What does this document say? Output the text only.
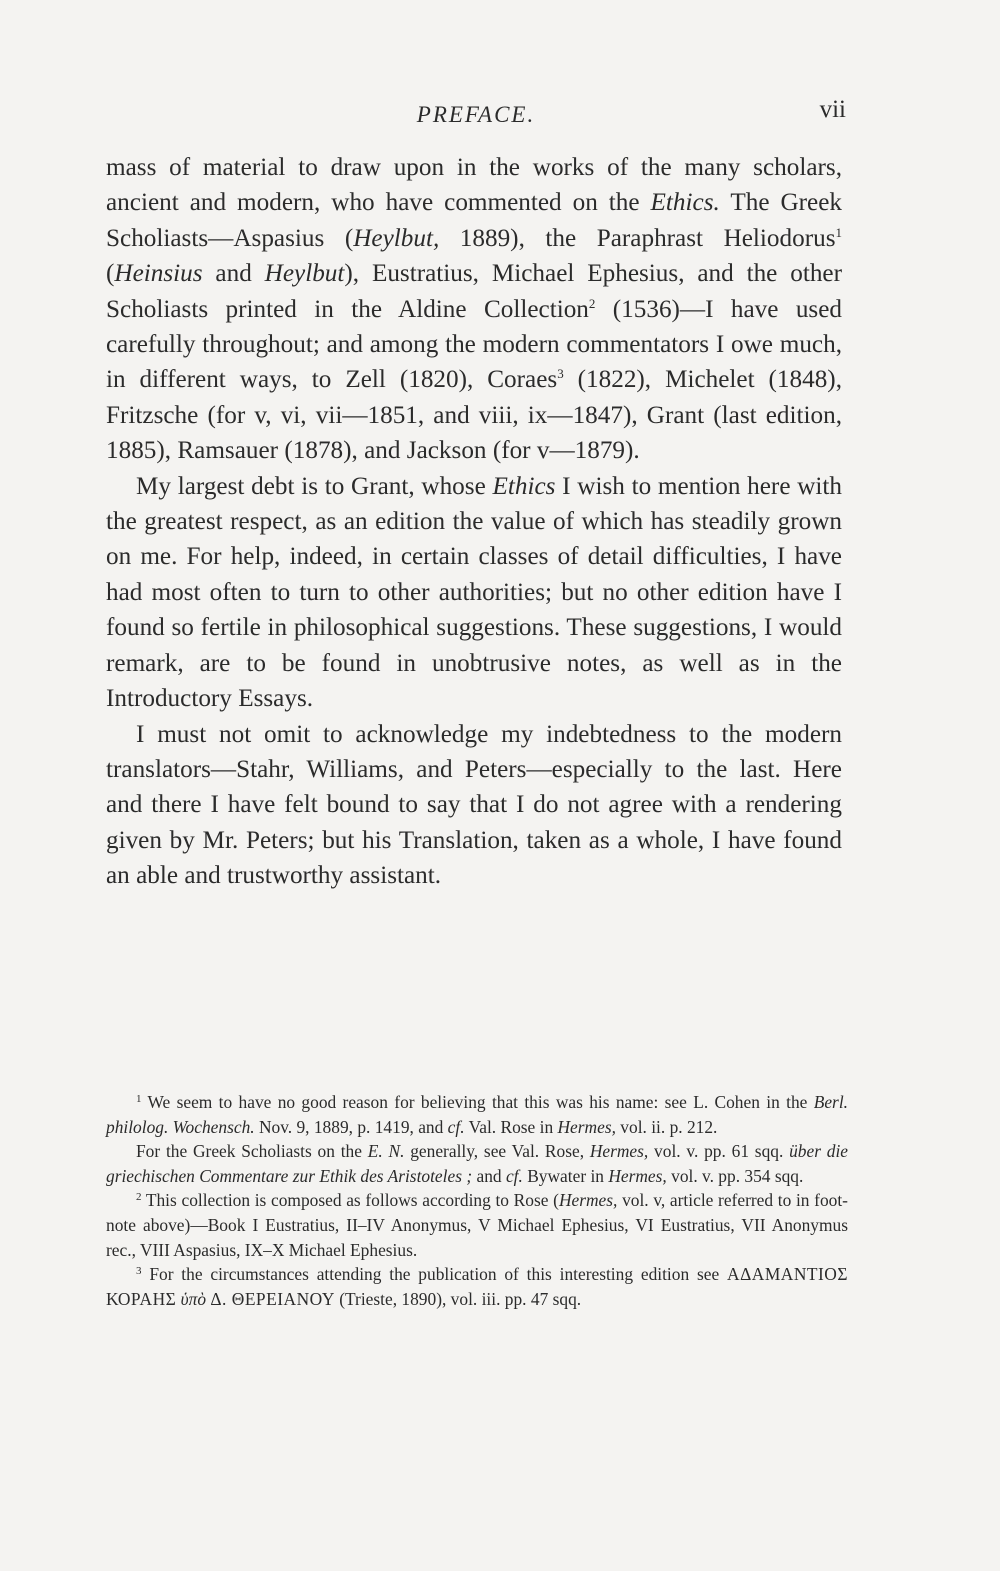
PREFACE.	vii

mass of material to draw upon in the works of the many scholars, ancient and modern, who have commented on the Ethics. The Greek Scholiasts—Aspasius (Heylbut, 1889), the Paraphrast Heliodorus$^1$ (Heinsius and Heylbut), Eustratius, Michael Ephesius, and the other Scholiasts printed in the Aldine Collection$^2$ (1536)—I have used carefully throughout; and among the modern commentators I owe much, in different ways, to Zell (1820), Coraes$^3$ (1822), Michelet (1848), Fritzsche (for v, vi, vii—1851, and viii, ix—1847), Grant (last edition, 1885), Ramsauer (1878), and Jackson (for v—1879).

My largest debt is to Grant, whose Ethics I wish to mention here with the greatest respect, as an edition the value of which has steadily grown on me. For help, indeed, in certain classes of detail difficulties, I have had most often to turn to other authorities; but no other edition have I found so fertile in philosophical suggestions. These suggestions, I would remark, are to be found in unobtrusive notes, as well as in the Introductory Essays.

I must not omit to acknowledge my indebtedness to the modern translators—Stahr, Williams, and Peters—especially to the last. Here and there I have felt bound to say that I do not agree with a rendering given by Mr. Peters; but his Translation, taken as a whole, I have found an able and trustworthy assistant.

$^1$ We seem to have no good reason for believing that this was his name: see L. Cohen in the Berl. philolog. Wochensch. Nov. 9, 1889, p. 1419, and cf. Val. Rose in Hermes, vol. ii. p. 212.

For the Greek Scholiasts on the E. N. generally, see Val. Rose, Hermes, vol. v. pp. 61 sqq. über die griechischen Commentare zur Ethik des Aristoteles ; and cf. Bywater in Hermes, vol. v. pp. 354 sqq.

$^2$ This collection is composed as follows according to Rose (Hermes, vol. v, article referred to in foot-note above)—Book I Eustratius, II–IV Anonymus, V Michael Ephesius, VI Eustratius, VII Anonymus rec., VIII Aspasius, IX–X Michael Ephesius.

$^3$ For the circumstances attending the publication of this interesting edition see ΑΔΑΜΑΝΤΙΟΣ ΚΟΡΑΗΣ ὑπὸ Δ. ΘΕΡΕΙΑΝΟΥ (Trieste, 1890), vol. iii. pp. 47 sqq.
